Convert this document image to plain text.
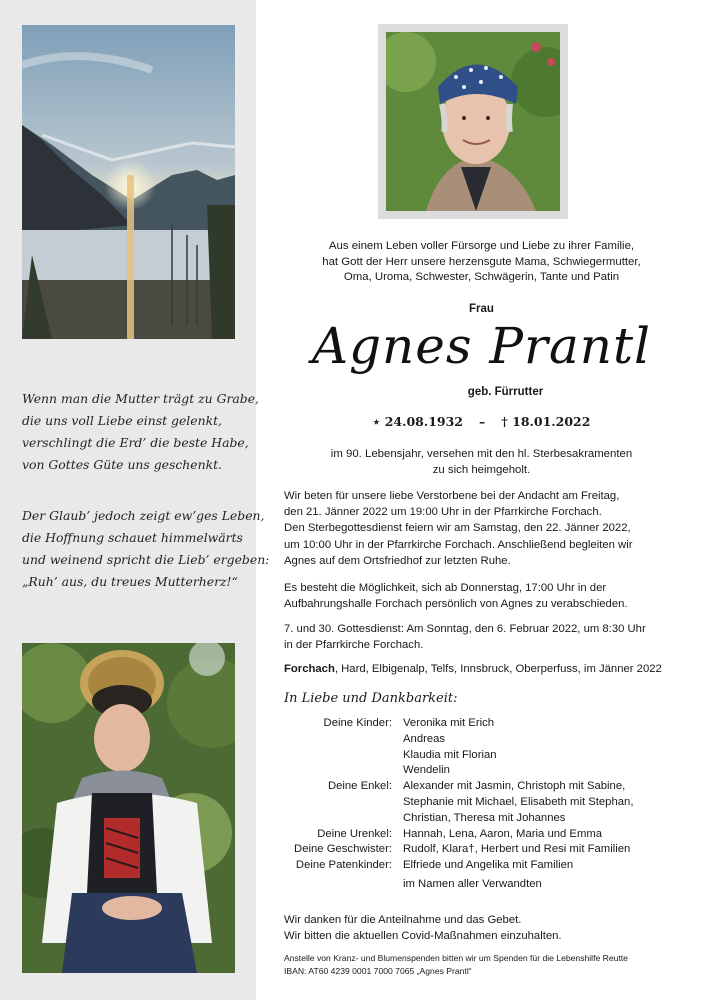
Wenn man die Mutter trägt zu Grabe,
die uns voll Liebe einst gelenkt,
verschlingt die Erd’ die beste Habe,
von Gottes Güte uns geschenkt.
Der Glaub’ jedoch zeigt ew’ges Leben,
die Hoffnung schauet himmelwärts
und weinend spricht die Lieb’ ergeben:
„Ruh’ aus, du treues Mutterherz!“
Aus einem Leben voller Fürsorge und Liebe zu ihrer Familie,
hat Gott der Herr unsere herzensgute Mama, Schwiegermutter,
Oma, Uroma, Schwester, Schwägerin, Tante und Patin
Frau
Agnes Prantl
geb. Fürrutter
⋆ 24.08.1932 – † 18.01.2022
im 90. Lebensjahr, versehen mit den hl. Sterbesakramenten
zu sich heimgeholt.
Wir beten für unsere liebe Verstorbene bei der Andacht am Freitag,
den 21. Jänner 2022 um 19:00 Uhr in der Pfarrkirche Forchach.
Den Sterbegottesdienst feiern wir am Samstag, den 22. Jänner 2022,
um 10:00 Uhr in der Pfarrkirche Forchach. Anschließend begleiten wir
Agnes auf dem Ortsfriedhof zur letzten Ruhe.
Es besteht die Möglichkeit, sich ab Donnerstag, 17:00 Uhr in der
Aufbahrungshalle Forchach persönlich von Agnes zu verabschieden.
7. und 30. Gottesdienst: Am Sonntag, den 6. Februar 2022, um 8:30 Uhr
in der Pfarrkirche Forchach.
Forchach, Hard, Elbigenalp, Telfs, Innsbruck, Oberperfuss, im Jänner 2022
In Liebe und Dankbarkeit:
Deine Kinder:	Veronika mit Erich
Andreas
Klaudia mit Florian
Wendelin

Deine Enkel:	Alexander mit Jasmin, Christoph mit Sabine,
Stephanie mit Michael, Elisabeth mit Stephan,
Christian, Theresa mit Johannes

Deine Urenkel:	Hannah, Lena, Aaron, Maria und Emma

Deine Geschwister:	Rudolf, Klara†, Herbert und Resi mit Familien

Deine Patenkinder:	Elfriede und Angelika mit Familien

	im Namen aller Verwandten
Wir danken für die Anteilnahme und das Gebet.
Wir bitten die aktuellen Covid-Maßnahmen einzuhalten.
Anstelle von Kranz- und Blumenspenden bitten wir um Spenden für die Lebenshilfe Reutte
IBAN: AT60 4239 0001 7000 7065 „Agnes Prantl“
